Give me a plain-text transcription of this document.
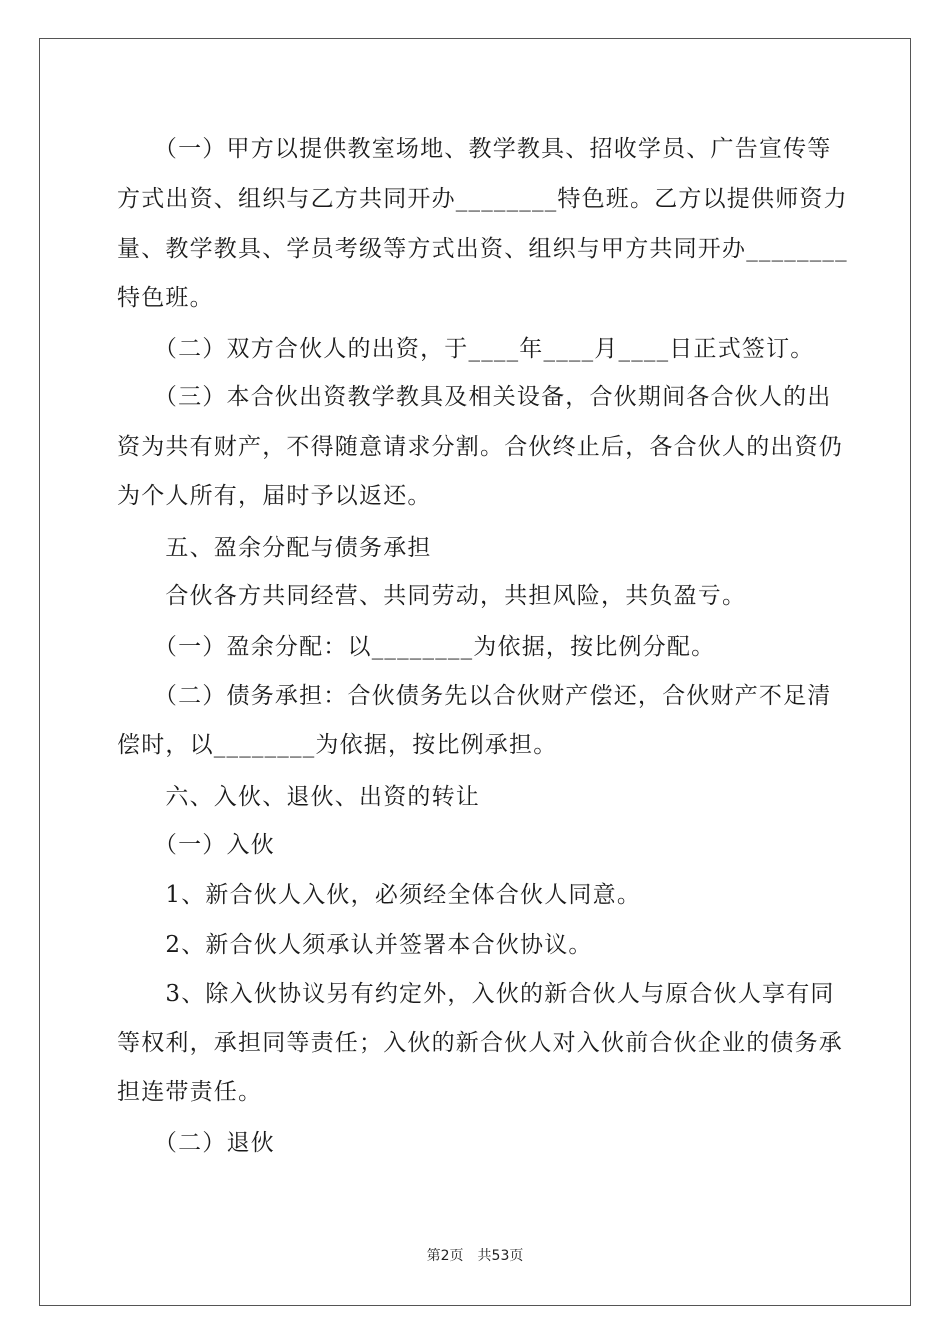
　　（一）甲方以提供教室场地、教学教具、招收学员、广告宣传等
方式出资、组织与乙方共同开办________特色班。乙方以提供师资力
量、教学教具、学员考级等方式出资、组织与甲方共同开办________
特色班。
　　（二）双方合伙人的出资，于____年____月____日正式签订。
　　（三）本合伙出资教学教具及相关设备，合伙期间各合伙人的出
资为共有财产，不得随意请求分割。合伙终止后，各合伙人的出资仍
为个人所有，届时予以返还。
　　五、盈余分配与债务承担
　　合伙各方共同经营、共同劳动，共担风险，共负盈亏。
　　（一）盈余分配：以________为依据，按比例分配。
　　（二）债务承担：合伙债务先以合伙财产偿还，合伙财产不足清
偿时，以________为依据，按比例承担。
　　六、入伙、退伙、出资的转让
　　（一）入伙
　　1、新合伙人入伙，必须经全体合伙人同意。
　　2、新合伙人须承认并签署本合伙协议。
　　3、除入伙协议另有约定外，入伙的新合伙人与原合伙人享有同
等权利，承担同等责任；入伙的新合伙人对入伙前合伙企业的债务承
担连带责任。
　　（二）退伙
第2页　共53页
